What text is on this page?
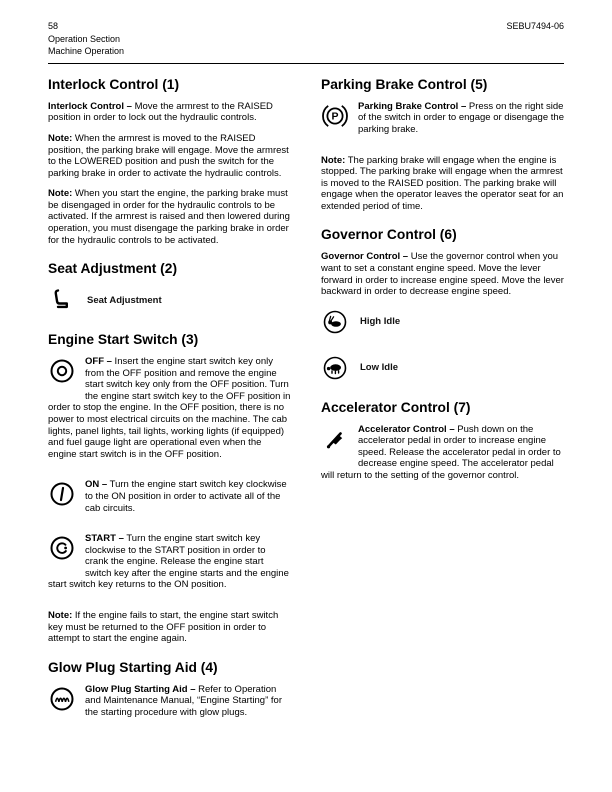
58
Operation Section
Machine Operation
SEBU7494-06
Interlock Control (1)

Interlock Control – Move the armrest to the RAISED position in order to lock out the hydraulic controls.

Note: When the armrest is moved to the RAISED position, the parking brake will engage. Move the armrest to the LOWERED position and push the switch for the parking brake in order to activate the hydraulic controls.

Note: When you start the engine, the parking brake must be disengaged in order for the hydraulic controls to be activated. If the armrest is raised and then lowered during operation, you must disengage the parking brake in order for the hydraulic controls to be activated.

Seat Adjustment (2)
Seat Adjustment
Engine Start Switch (3)

OFF – Insert the engine start switch key only from the OFF position and remove the engine start switch key only from the OFF position. Turn the engine start switch key to the OFF position in order to stop the engine. In the OFF position, there is no power to most electrical circuits on the machine. The cab lights, panel lights, tail lights, working lights (if equipped) and fuel gauge light are operational even when the engine start switch is in the OFF position.

ON – Turn the engine start switch key clockwise to the ON position in order to activate all of the cab circuits.

START – Turn the engine start switch key clockwise to the START position in order to crank the engine. Release the engine start switch key after the engine starts and the engine start switch key returns to the ON position.

Note: If the engine fails to start, the engine start switch key must be returned to the OFF position in order to attempt to start the engine again.

Glow Plug Starting Aid (4)

Glow Plug Starting Aid – Refer to Operation and Maintenance Manual, “Engine Starting” for the starting procedure with glow plugs.

Parking Brake Control (5)
P

Parking Brake Control – Press on the right side of the switch in order to engage or disengage the parking brake.

Note: The parking brake will engage when the engine is stopped. The parking brake will engage when the armrest is moved to the RAISED position. The parking brake will engage when the operator leaves the operator seat for an extended period of time.

Governor Control (6)

Governor Control – Use the governor control when you want to set a constant engine speed. Move the lever forward in order to increase engine speed. Move the lever backward in order to decrease engine speed.

High Idle
Low Idle
Accelerator Control (7)

Accelerator Control – Push down on the accelerator pedal in order to increase engine speed. Release the accelerator pedal in order to decrease engine speed. The accelerator pedal will return to the setting of the governor control.
